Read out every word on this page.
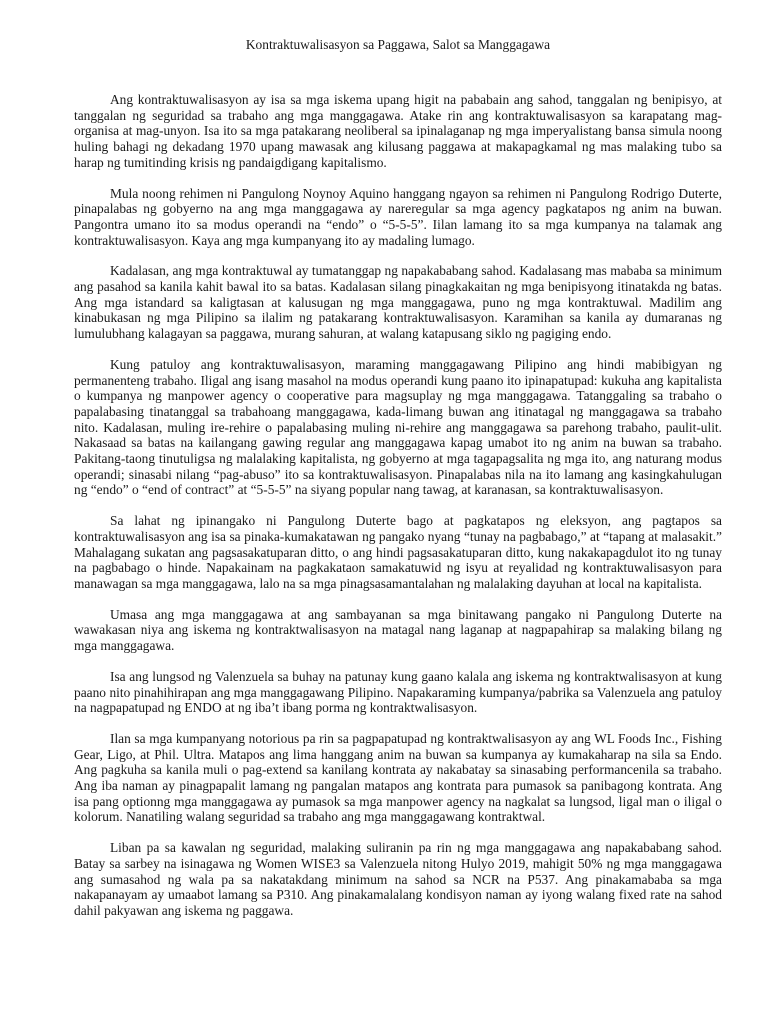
Kontraktuwalisasyon sa Paggawa, Salot sa Manggagawa

Ang kontraktuwalisasyon ay isa sa mga iskema upang higit na pababain ang sahod, tanggalan ng benipisyo, at tanggalan ng seguridad sa trabaho ang mga manggagawa. Atake rin ang kontraktuwalisasyon sa karapatang mag-organisa at mag-unyon. Isa ito sa mga patakarang neoliberal sa ipinalaganap ng mga imperyalistang bansa simula noong huling bahagi ng dekadang 1970 upang mawasak ang kilusang paggawa at makapagkamal ng mas malaking tubo sa harap ng tumitinding krisis ng pandaigdigang kapitalismo.

Mula noong rehimen ni Pangulong Noynoy Aquino hanggang ngayon sa rehimen ni Pangulong Rodrigo Duterte, pinapalabas ng gobyerno na ang mga manggagawa ay nareregular sa mga agency pagkatapos ng anim na buwan. Pangontra umano ito sa modus operandi na “endo” o “5-5-5”. Iilan lamang ito sa mga kumpanya na talamak ang kontraktuwalisasyon. Kaya ang mga kumpanyang ito ay madaling lumago.

Kadalasan, ang mga kontraktuwal ay tumatanggap ng napakababang sahod. Kadalasang mas mababa sa minimum ang pasahod sa kanila kahit bawal ito sa batas. Kadalasan silang pinagkakaitan ng mga benipisyong itinatakda ng batas. Ang mga istandard sa kaligtasan at kalusugan ng mga manggagawa, puno ng mga kontraktuwal. Madilim ang kinabukasan ng mga Pilipino sa ilalim ng patakarang kontraktuwalisasyon. Karamihan sa kanila ay dumaranas ng lumulubhang kalagayan sa paggawa, murang sahuran, at walang katapusang siklo ng pagiging endo.

Kung patuloy ang kontraktuwalisasyon, maraming manggagawang Pilipino ang hindi mabibigyan ng permanenteng trabaho. Iligal ang isang masahol na modus operandi kung paano ito ipinapatupad: kukuha ang kapitalista o kumpanya ng manpower agency o cooperative para magsuplay ng mga manggagawa. Tatanggaling sa trabaho o papalabasing tinatanggal sa trabahoang manggagawa, kada-limang buwan ang itinatagal ng manggagawa sa trabaho nito. Kadalasan, muling ire-rehire o papalabasing muling ni-rehire ang manggagawa sa parehong trabaho, paulit-ulit. Nakasaad sa batas na kailangang gawing regular ang manggagawa kapag umabot ito ng anim na buwan sa trabaho. Pakitang-taong tinutuligsa ng malalaking kapitalista, ng gobyerno at mga tagapagsalita ng mga ito, ang naturang modus operandi; sinasabi nilang “pag-abuso” ito sa kontraktuwalisasyon. Pinapalabas nila na ito lamang ang kasingkahulugan ng “endo” o “end of contract” at “5-5-5” na siyang popular nang tawag, at karanasan, sa kontraktuwalisasyon.

Sa lahat ng ipinangako ni Pangulong Duterte bago at pagkatapos ng eleksyon, ang pagtapos sa kontraktuwalisasyon ang isa sa pinaka-kumakatawan ng pangako nyang “tunay na pagbabago,” at “tapang at malasakit.” Mahalagang sukatan ang pagsasakatuparan ditto, o ang hindi pagsasakatuparan ditto, kung nakakapagdulot ito ng tunay na pagbabago o hinde. Napakainam na pagkakataon samakatuwid ng isyu at reyalidad ng kontraktuwalisasyon para manawagan sa mga manggagawa, lalo na sa mga pinagsasamantalahan ng malalaking dayuhan at local na kapitalista.

Umasa ang mga manggagawa at ang sambayanan sa mga binitawang pangako ni Pangulong Duterte na wawakasan niya ang iskema ng kontraktwalisasyon na matagal nang laganap at nagpapahirap sa malaking bilang ng mga manggagawa.

Isa ang lungsod ng Valenzuela sa buhay na patunay kung gaano kalala ang iskema ng kontraktwalisasyon at kung paano nito pinahihirapan ang mga manggagawang Pilipino. Napakaraming kumpanya/pabrika sa Valenzuela ang patuloy na nagpapatupad ng ENDO at ng iba’t ibang porma ng kontraktwalisasyon.

Ilan sa mga kumpanyang notorious pa rin sa pagpapatupad ng kontraktwalisasyon ay ang WL Foods Inc., Fishing Gear, Ligo, at Phil. Ultra. Matapos ang lima hanggang anim na buwan sa kumpanya ay kumakaharap na sila sa Endo. Ang pagkuha sa kanila muli o pag-extend sa kanilang kontrata ay nakabatay sa sinasabing performancenila sa trabaho. Ang iba naman ay pinagpapalit lamang ng pangalan matapos ang kontrata para pumasok sa panibagong kontrata. Ang isa pang optionng mga manggagawa ay pumasok sa mga manpower agency na nagkalat sa lungsod, ligal man o iligal o kolorum. Nanatiling walang seguridad sa trabaho ang mga manggagawang kontraktwal.

Liban pa sa kawalan ng seguridad, malaking suliranin pa rin ng mga manggagawa ang napakababang sahod. Batay sa sarbey na isinagawa ng Women WISE3 sa Valenzuela nitong Hulyo 2019, mahigit 50% ng mga manggagawa ang sumasahod ng wala pa sa nakatakdang minimum na sahod sa NCR na P537. Ang pinakamababa sa mga nakapanayam ay umaabot lamang sa P310. Ang pinakamalalang kondisyon naman ay iyong walang fixed rate na sahod dahil pakyawan ang iskema ng paggawa.
